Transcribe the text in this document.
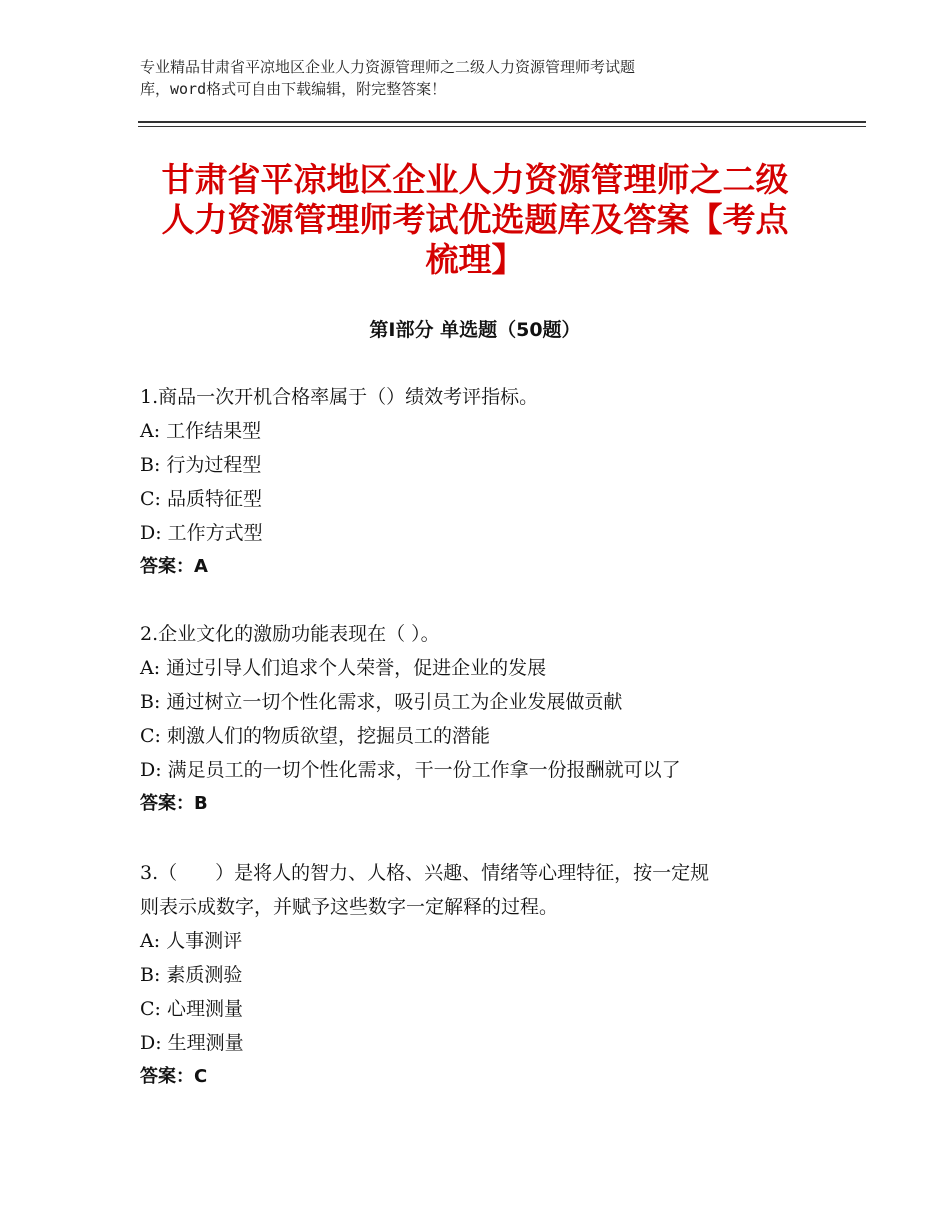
专业精品甘肃省平凉地区企业人力资源管理师之二级人力资源管理师考试题
库，word格式可自由下载编辑，附完整答案！
甘肃省平凉地区企业人力资源管理师之二级
人力资源管理师考试优选题库及答案【考点
梳理】
第Ⅰ部分 单选题（50题）
1.商品一次开机合格率属于（）绩效考评指标。
A: 工作结果型
B: 行为过程型
C: 品质特征型
D: 工作方式型
答案：A
2.企业文化的激励功能表现在（ ）。
A: 通过引导人们追求个人荣誉，促进企业的发展
B: 通过树立一切个性化需求，吸引员工为企业发展做贡献
C: 刺激人们的物质欲望，挖掘员工的潜能
D: 满足员工的一切个性化需求，干一份工作拿一份报酬就可以了
答案：B
3.（　　）是将人的智力、人格、兴趣、情绪等心理特征，按一定规
则表示成数字，并赋予这些数字一定解释的过程。
A: 人事测评
B: 素质测验
C: 心理测量
D: 生理测量
答案：C
